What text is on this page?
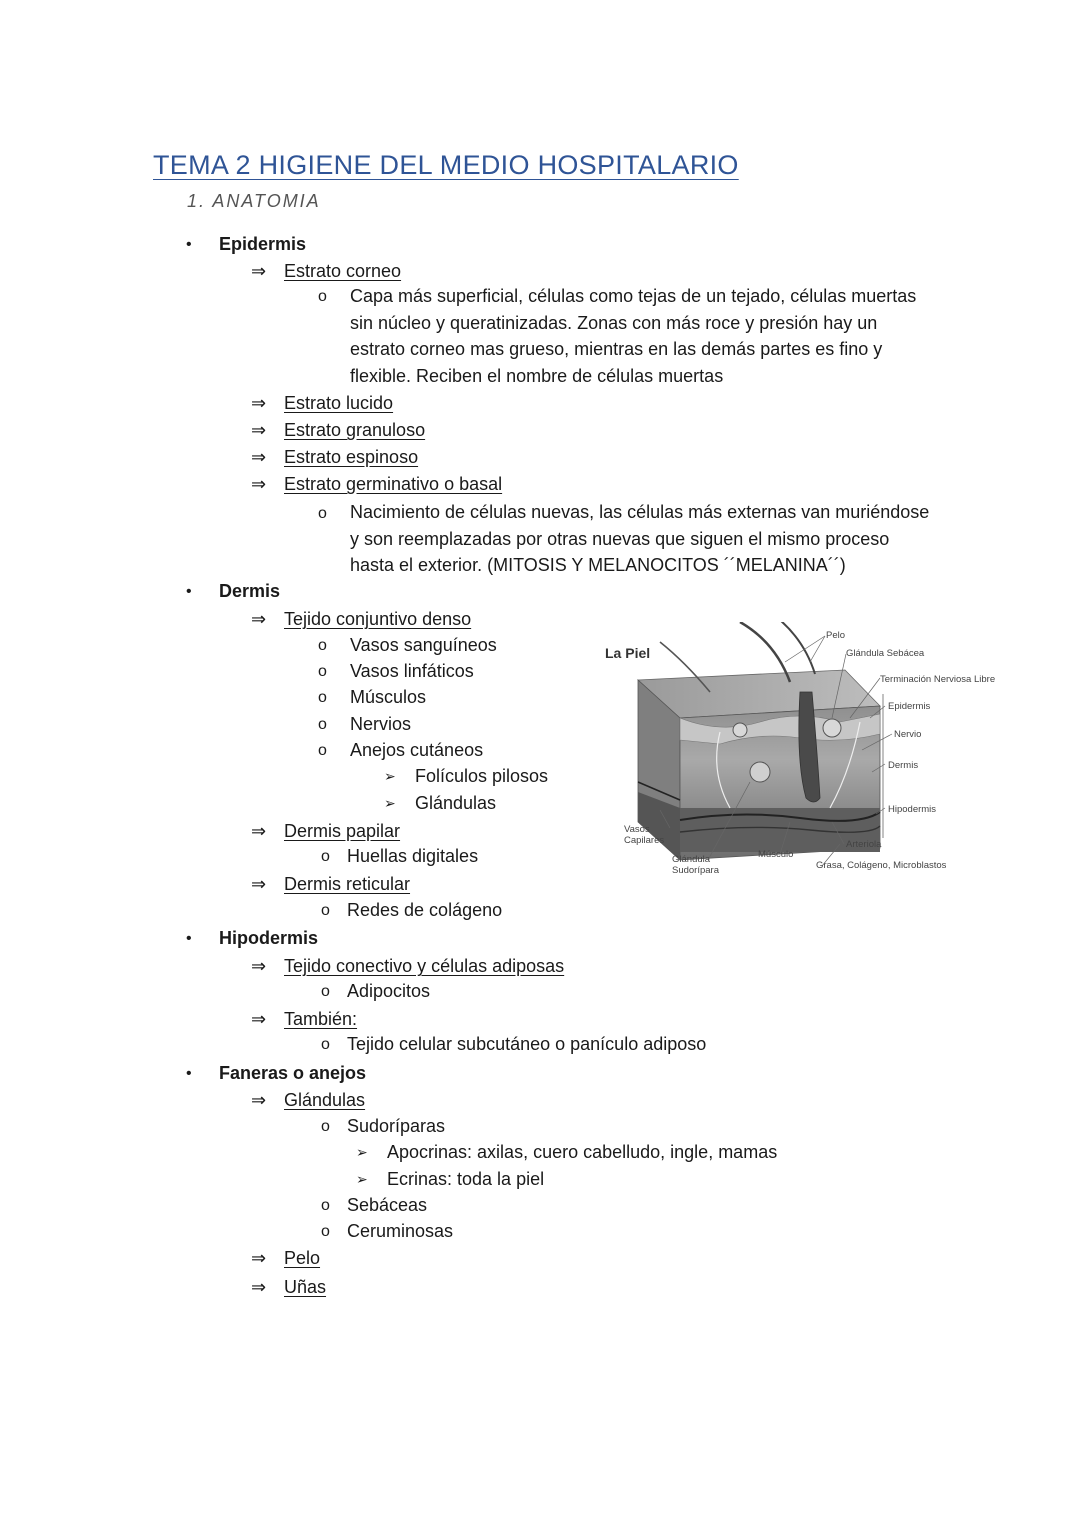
TEMA 2 HIGIENE DEL MEDIO HOSPITALARIO
1. ANATOMIA
• Epidermis
⇒ Estrato corneo
o Capa más superficial, células como tejas de un tejado, células muertas sin núcleo y queratinizadas. Zonas con más roce y presión hay un estrato corneo mas grueso, mientras en las demás partes es fino y flexible. Reciben el nombre de células muertas
⇒ Estrato lucido
⇒ Estrato granuloso
⇒ Estrato espinoso
⇒ Estrato germinativo o basal
o Nacimiento de células nuevas, las células más externas van muriéndose y son reemplazadas por otras nuevas que siguen el mismo proceso hasta el exterior. (MITOSIS Y MELANOCITOS ´´MELANINA´´)
• Dermis
⇒ Tejido conjuntivo denso
o Vasos sanguíneos
o Vasos linfáticos
o Músculos
o Nervios
o Anejos cutáneos
➢ Folículos pilosos
➢ Glándulas
⇒ Dermis papilar
o Huellas digitales
⇒ Dermis reticular
o Redes de colágeno
• Hipodermis
⇒ Tejido conectivo y células adiposas
o Adipocitos
⇒ También:
o Tejido celular subcutáneo o panículo adiposo
• Faneras o anejos
⇒ Glándulas
o Sudoríparas
➢ Apocrinas: axilas, cuero cabelludo, ingle, mamas
➢ Ecrinas: toda la piel
o Sebáceas
o Ceruminosas
⇒ Pelo
⇒ Uñas
La Piel
Pelo
Glándula Sebácea
Terminación Nerviosa Libre
Epidermis
Nervio
Dermis
Hipodermis
Vasos
Capilares
Músculo
Arteriola
Glándula
Sudorípara	Grasa, Colágeno, Microblastos
